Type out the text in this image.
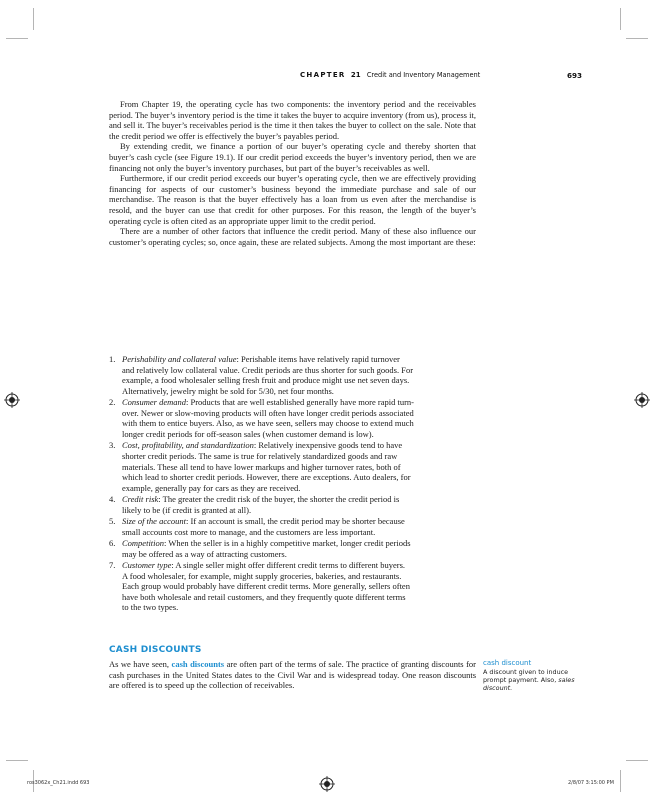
CHAPTER 21 Credit and Inventory Management	693

From Chapter 19, the operating cycle has two components: the inventory period and the receivables period. The buyer’s inventory period is the time it takes the buyer to acquire inventory (from us), process it, and sell it. The buyer’s receivables period is the time it then takes the buyer to collect on the sale. Note that the credit period we offer is effectively the buyer’s payables period.

By extending credit, we finance a portion of our buyer’s operating cycle and thereby shorten that buyer’s cash cycle (see Figure 19.1). If our credit period exceeds the buyer’s inventory period, then we are financing not only the buyer’s inventory purchases, but part of the buyer’s receivables as well.

Furthermore, if our credit period exceeds our buyer’s operating cycle, then we are effectively providing financing for aspects of our customer’s business beyond the immediate purchase and sale of our merchandise. The reason is that the buyer effectively has a loan from us even after the merchandise is resold, and the buyer can use that credit for other purposes. For this reason, the length of the buyer’s operating cycle is often cited as an appropriate upper limit to the credit period.

There are a number of other factors that influence the credit period. Many of these also influence our customer’s operating cycles; so, once again, these are related subjects. Among the most important are these:

1. Perishability and collateral value: Perishable items have relatively rapid turnover
and relatively low collateral value. Credit periods are thus shorter for such goods. For
example, a food wholesaler selling fresh fruit and produce might use net seven days.
Alternatively, jewelry might be sold for 5/30, net four months.
2. Consumer demand: Products that are well established generally have more rapid turn-
over. Newer or slow-moving products will often have longer credit periods associated
with them to entice buyers. Also, as we have seen, sellers may choose to extend much
longer credit periods for off-season sales (when customer demand is low).
3. Cost, profitability, and standardization: Relatively inexpensive goods tend to have
shorter credit periods. The same is true for relatively standardized goods and raw
materials. These all tend to have lower markups and higher turnover rates, both of
which lead to shorter credit periods. However, there are exceptions. Auto dealers, for
example, generally pay for cars as they are received.
4. Credit risk: The greater the credit risk of the buyer, the shorter the credit period is
likely to be (if credit is granted at all).
5. Size of the account: If an account is small, the credit period may be shorter because
small accounts cost more to manage, and the customers are less important.
6. Competition: When the seller is in a highly competitive market, longer credit periods
may be offered as a way of attracting customers.
7. Customer type: A single seller might offer different credit terms to different buyers.
A food wholesaler, for example, might supply groceries, bakeries, and restaurants.
Each group would probably have different credit terms. More generally, sellers often
have both wholesale and retail customers, and they frequently quote different terms
to the two types.
CASH DISCOUNTS

As we have seen, cash discounts are often part of the terms of sale. The practice of granting discounts for cash purchases in the United States dates to the Civil War and is widespread today. One reason discounts are offered is to speed up the collection of receivables.

cash discount
A discount given to induce prompt payment. Also, sales discount.
ros3062x_Ch21.indd 693	2/8/07 3:15:00 PM
